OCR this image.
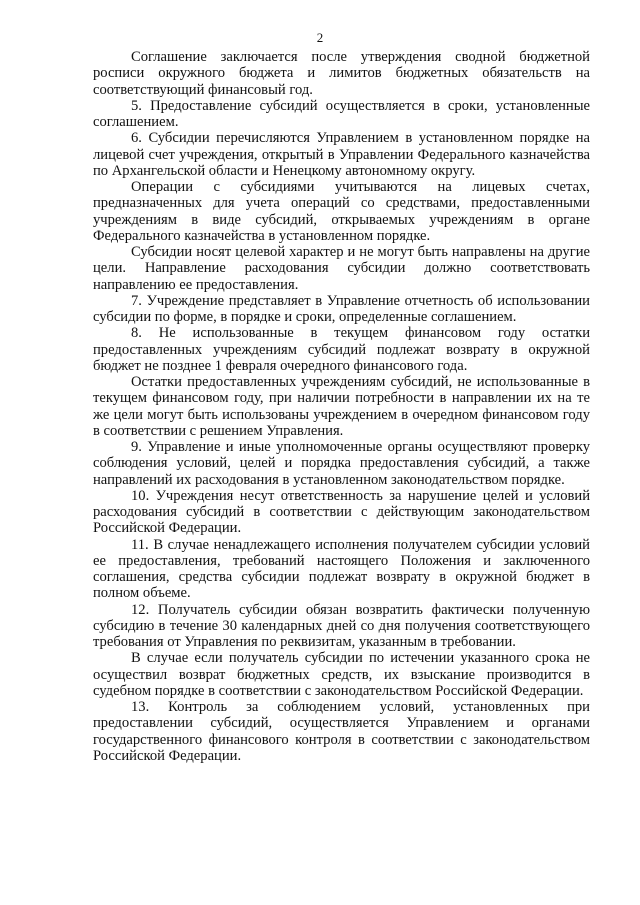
2

Соглашение заключается после утверждения сводной бюджетной росписи окружного бюджета и лимитов бюджетных обязательств на соответствующий финансовый год.

5. Предоставление субсидий осуществляется в сроки, установленные соглашением.

6. Субсидии перечисляются Управлением в установленном порядке на лицевой счет учреждения, открытый в Управлении Федерального казначейства по Архангельской области и Ненецкому автономному округу.

Операции с субсидиями учитываются на лицевых счетах, предназначенных для учета операций со средствами, предоставленными учреждениям в виде субсидий, открываемых учреждениям в органе Федерального казначейства в установленном порядке.

Субсидии носят целевой характер и не могут быть направлены на другие цели. Направление расходования субсидии должно соответствовать направлению ее предоставления.

7. Учреждение представляет в Управление отчетность об использовании субсидии по форме, в порядке и сроки, определенные соглашением.

8. Не использованные в текущем финансовом году остатки предоставленных учреждениям субсидий подлежат возврату в окружной бюджет не позднее 1 февраля очередного финансового года.

Остатки предоставленных учреждениям субсидий, не использованные в текущем финансовом году, при наличии потребности в направлении их на те же цели могут быть использованы учреждением в очередном финансовом году в соответствии с решением Управления.

9. Управление и иные уполномоченные органы осуществляют проверку соблюдения условий, целей и порядка предоставления субсидий, а также направлений их расходования в установленном законодательством порядке.

10. Учреждения несут ответственность за нарушение целей и условий расходования субсидий в соответствии с действующим законодательством Российской Федерации.

11. В случае ненадлежащего исполнения получателем субсидии условий ее предоставления, требований настоящего Положения и заключенного соглашения, средства субсидии подлежат возврату в окружной бюджет в полном объеме.

12. Получатель субсидии обязан возвратить фактически полученную субсидию в течение 30 календарных дней со дня получения соответствующего требования от Управления по реквизитам, указанным в требовании.

В случае если получатель субсидии по истечении указанного срока не осуществил возврат бюджетных средств, их взыскание производится в судебном порядке в соответствии с законодательством Российской Федерации.

13. Контроль за соблюдением условий, установленных при предоставлении субсидий, осуществляется Управлением и органами государственного финансового контроля в соответствии с законодательством Российской Федерации.
